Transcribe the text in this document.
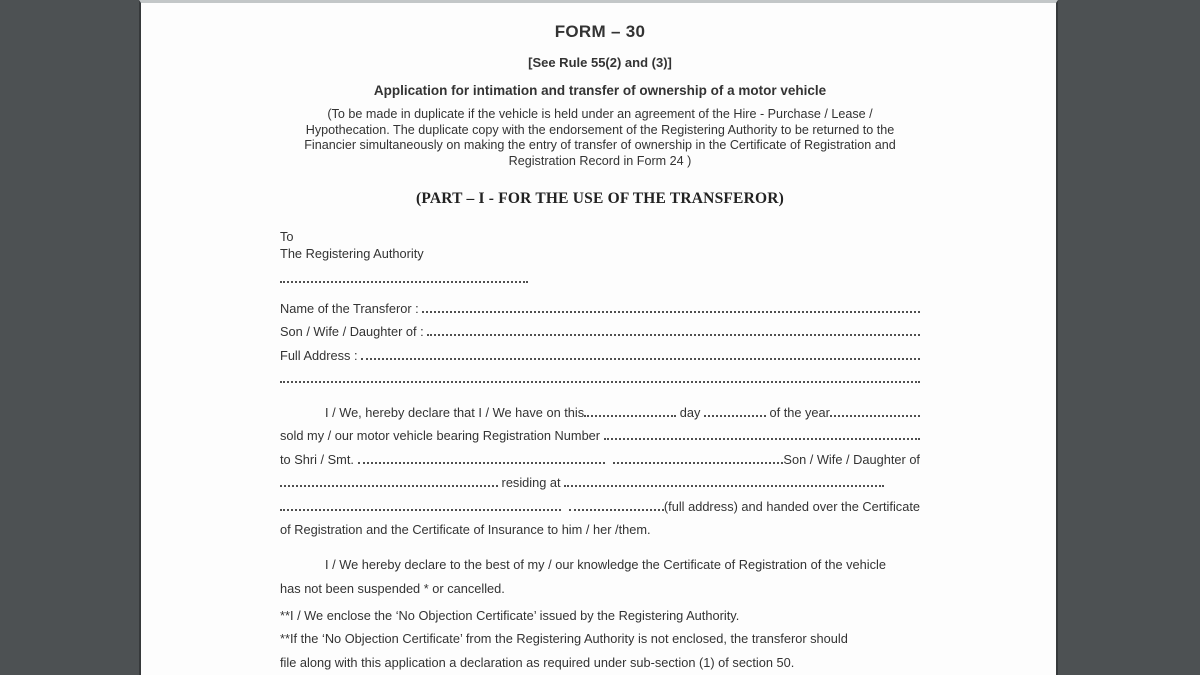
FORM – 30
[See Rule 55(2) and (3)]
Application for intimation and transfer of ownership of a motor vehicle
(To be made in duplicate if the vehicle is held under an agreement of the Hire - Purchase / Lease /
Hypothecation. The duplicate copy with the endorsement of the Registering Authority to be returned to the
Financier simultaneously on making the entry of transfer of ownership in the Certificate of Registration and
Registration Record in Form 24 )
(PART – I - FOR THE USE OF THE TRANSFEROR)
To
The Registering Authority
Name of the Transferor :
Son / Wife / Daughter of :
Full Address :
I / We, hereby declare that I / We have on this	day	of the year
sold my / our motor vehicle bearing Registration Number
to Shri / Smt.	Son / Wife / Daughter of
residing at
(full address) and handed over the Certificate
of Registration and the Certificate of Insurance to him / her /them.
I / We hereby declare to the best of my / our knowledge the Certificate of Registration of the vehicle
has not been suspended * or cancelled.
**I / We enclose the ‘No Objection Certificate’ issued by the Registering Authority.
**If the ‘No Objection Certificate’ from the Registering Authority is not enclosed, the transferor should
file along with this application a declaration as required under sub-section (1) of section 50.
